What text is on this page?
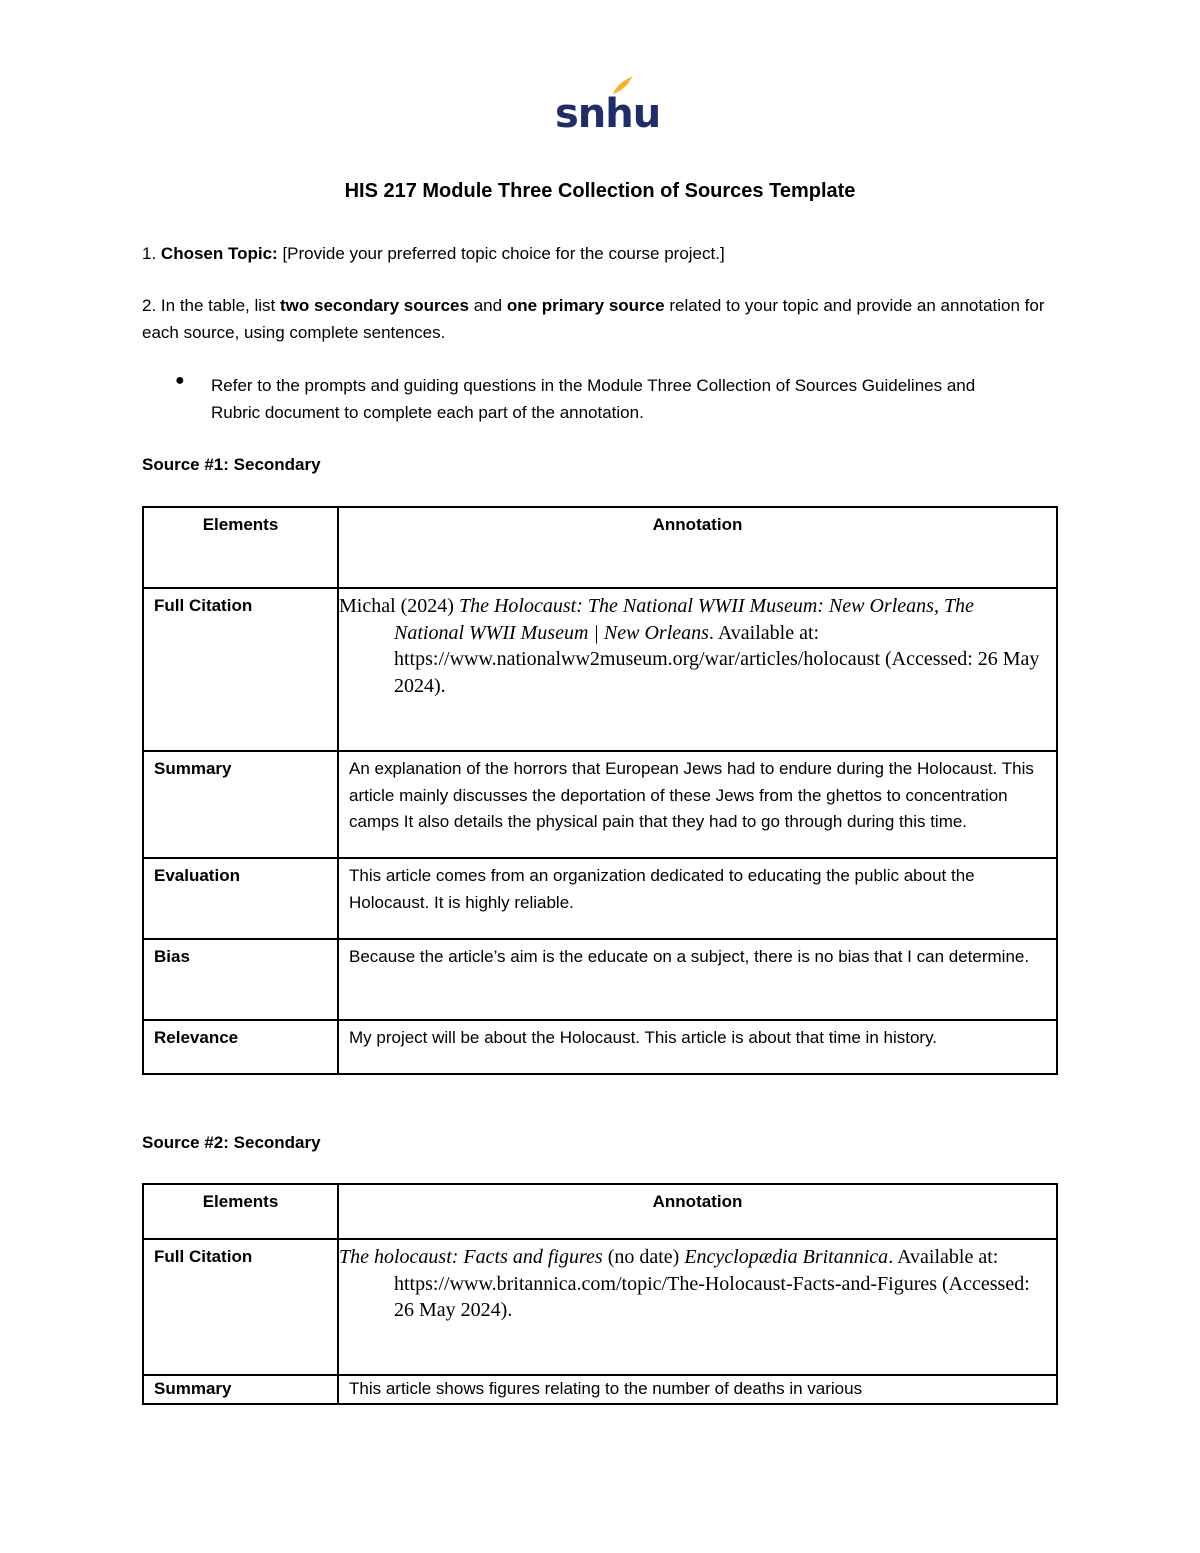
snhu
HIS 217 Module Three Collection of Sources Template
1. Chosen Topic: [Provide your preferred topic choice for the course project.]
2. In the table, list two secondary sources and one primary source related to your topic and provide an annotation for each source, using complete sentences.
● Refer to the prompts and guiding questions in the Module Three Collection of Sources Guidelines and Rubric document to complete each part of the annotation.
Source #1: Secondary
Elements	Annotation
Full Citation	Michal (2024) The Holocaust: The National WWII Museum: New Orleans, The National WWII Museum | New Orleans. Available at: https://www.nationalww2museum.org/war/articles/holocaust (Accessed: 26 May 2024).
Summary	An explanation of the horrors that European Jews had to endure during the Holocaust. This article mainly discusses the deportation of these Jews from the ghettos to concentration camps It also details the physical pain that they had to go through during this time.
Evaluation	This article comes from an organization dedicated to educating the public about the Holocaust. It is highly reliable.
Bias	Because the article’s aim is the educate on a subject, there is no bias that I can determine.
Relevance	My project will be about the Holocaust. This article is about that time in history.
Source #2: Secondary
Elements	Annotation
Full Citation	The holocaust: Facts and figures (no date) Encyclopædia Britannica. Available at: https://www.britannica.com/topic/The-Holocaust-Facts-and-Figures (Accessed: 26 May 2024).
Summary	This article shows figures relating to the number of deaths in various
